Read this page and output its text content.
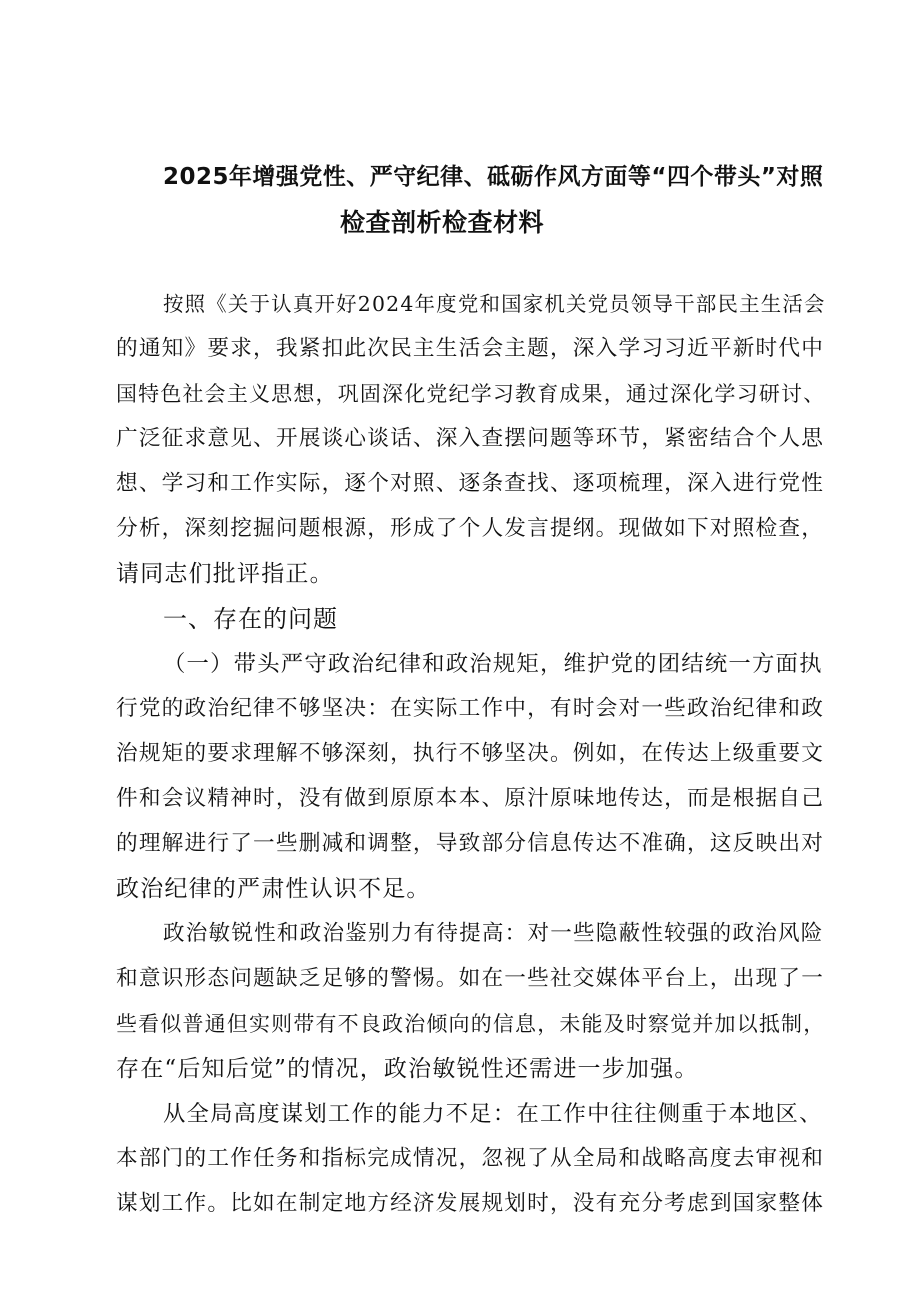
2025年增强党性、严守纪律、砥砺作风方面等“四个带头”对照
检查剖析检查材料
按照《关于认真开好2024年度党和国家机关党员领导干部民主生活会
的通知》要求，我紧扣此次民主生活会主题，深入学习习近平新时代中
国特色社会主义思想，巩固深化党纪学习教育成果，通过深化学习研讨、
广泛征求意见、开展谈心谈话、深入查摆问题等环节，紧密结合个人思
想、学习和工作实际，逐个对照、逐条查找、逐项梳理，深入进行党性
分析，深刻挖掘问题根源，形成了个人发言提纲。现做如下对照检查，
请同志们批评指正。
一、存在的问题
（一）带头严守政治纪律和政治规矩，维护党的团结统一方面执
行党的政治纪律不够坚决：在实际工作中，有时会对一些政治纪律和政
治规矩的要求理解不够深刻，执行不够坚决。例如，在传达上级重要文
件和会议精神时，没有做到原原本本、原汁原味地传达，而是根据自己
的理解进行了一些删减和调整，导致部分信息传达不准确，这反映出对
政治纪律的严肃性认识不足。
政治敏锐性和政治鉴别力有待提高：对一些隐蔽性较强的政治风险
和意识形态问题缺乏足够的警惕。如在一些社交媒体平台上，出现了一
些看似普通但实则带有不良政治倾向的信息，未能及时察觉并加以抵制，
存在“后知后觉”的情况，政治敏锐性还需进一步加强。
从全局高度谋划工作的能力不足：在工作中往往侧重于本地区、
本部门的工作任务和指标完成情况，忽视了从全局和战略高度去审视和
谋划工作。比如在制定地方经济发展规划时，没有充分考虑到国家整体
